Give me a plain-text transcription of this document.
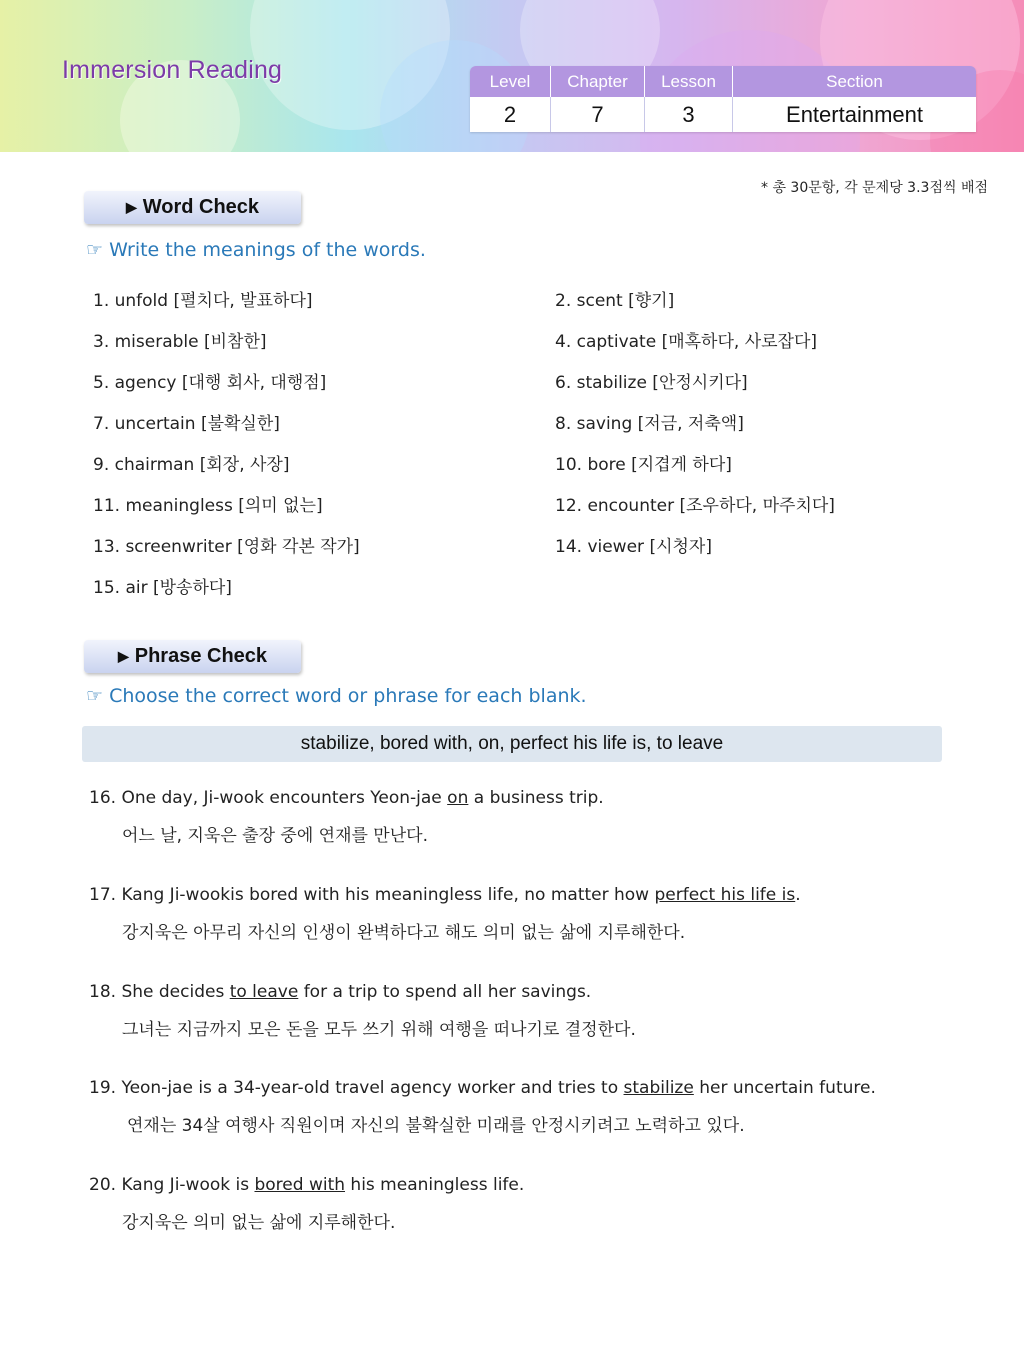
Immersion Reading	Level	Chapter	Lesson	Section
2	7	3	Entertainment
* 총 30문항, 각 문제당 3.3점씩 배점
▶ Word Check
☞ Write the meanings of the words.
1. unfold [펼치다, 발표하다]	2. scent [향기]
3. miserable [비참한]	4. captivate [매혹하다, 사로잡다]
5. agency [대행 회사, 대행점]	6. stabilize [안정시키다]
7. uncertain [불확실한]	8. saving [저금, 저축액]
9. chairman [회장, 사장]	10. bore [지겹게 하다]
11. meaningless [의미 없는]	12. encounter [조우하다, 마주치다]
13. screenwriter [영화 각본 작가]	14. viewer [시청자]
15. air [방송하다]
▶ Phrase Check
☞ Choose the correct word or phrase for each blank.
stabilize, bored with, on, perfect his life is, to leave
16. One day, Ji-wook encounters Yeon-jae on a business trip.
어느 날, 지욱은 출장 중에 연재를 만난다.
17. Kang Ji-wookis bored with his meaningless life, no matter how perfect his life is.
강지욱은 아무리 자신의 인생이 완벽하다고 해도 의미 없는 삶에 지루해한다.
18. She decides to leave for a trip to spend all her savings.
그녀는 지금까지 모은 돈을 모두 쓰기 위해 여행을 떠나기로 결정한다.
19. Yeon-jae is a 34-year-old travel agency worker and tries to stabilize her uncertain future.
연재는 34살 여행사 직원이며 자신의 불확실한 미래를 안정시키려고 노력하고 있다.
20. Kang Ji-wook is bored with his meaningless life.
강지욱은 의미 없는 삶에 지루해한다.
